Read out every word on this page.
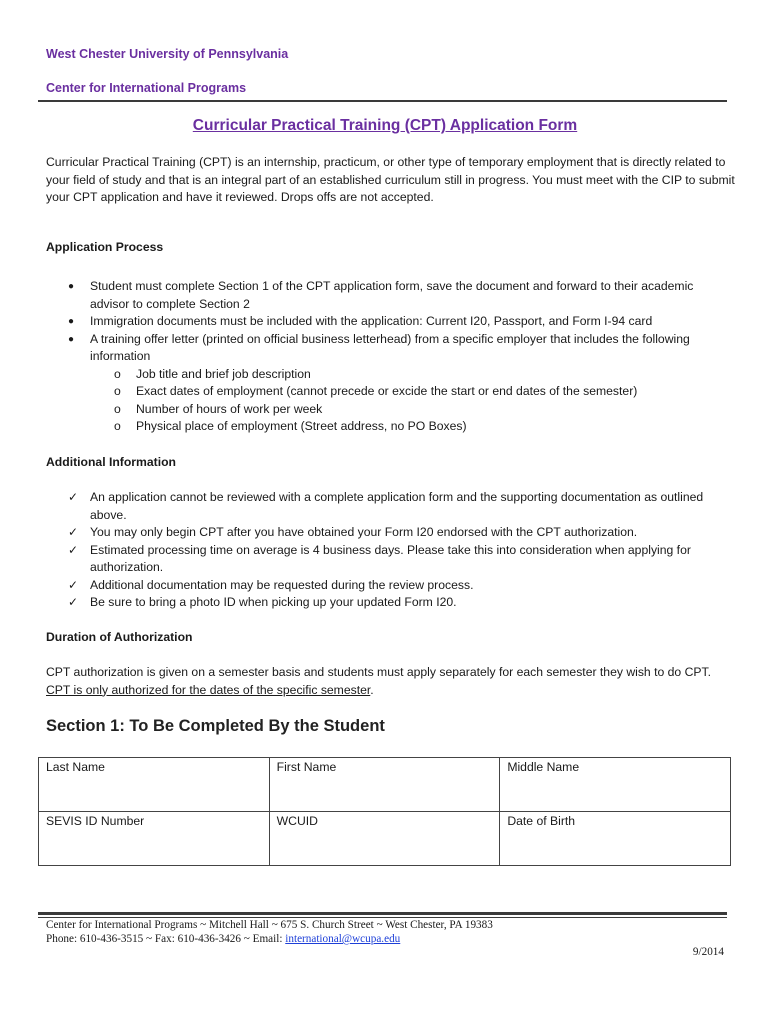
West Chester University of Pennsylvania
Center for International Programs
Curricular Practical Training (CPT) Application Form
Curricular Practical Training (CPT) is an internship, practicum, or other type of temporary employment that is directly related to your field of study and that is an integral part of an established curriculum still in progress. You must meet with the CIP to submit your CPT application and have it reviewed. Drops offs are not accepted.
Application Process
● Student must complete Section 1 of the CPT application form, save the document and forward to their academic advisor to complete Section 2
● Immigration documents must be included with the application: Current I20, Passport, and Form I-94 card
● A training offer letter (printed on official business letterhead) from a specific employer that includes the following information
o Job title and brief job description
o Exact dates of employment (cannot precede or excide the start or end dates of the semester)
o Number of hours of work per week
o Physical place of employment (Street address, no PO Boxes)
Additional Information
✓ An application cannot be reviewed with a complete application form and the supporting documentation as outlined above.
✓ You may only begin CPT after you have obtained your Form I20 endorsed with the CPT authorization.
✓ Estimated processing time on average is 4 business days. Please take this into consideration when applying for authorization.
✓ Additional documentation may be requested during the review process.
✓ Be sure to bring a photo ID when picking up your updated Form I20.
Duration of Authorization
CPT authorization is given on a semester basis and students must apply separately for each semester they wish to do CPT. CPT is only authorized for the dates of the specific semester.
Section 1: To Be Completed By the Student
Last Name	First Name	Middle Name
SEVIS ID Number	WCUID	Date of Birth
Center for International Programs ~ Mitchell Hall ~ 675 S. Church Street ~ West Chester, PA 19383
Phone: 610-436-3515 ~ Fax: 610-436-3426 ~ Email: international@wcupa.edu
9/2014
